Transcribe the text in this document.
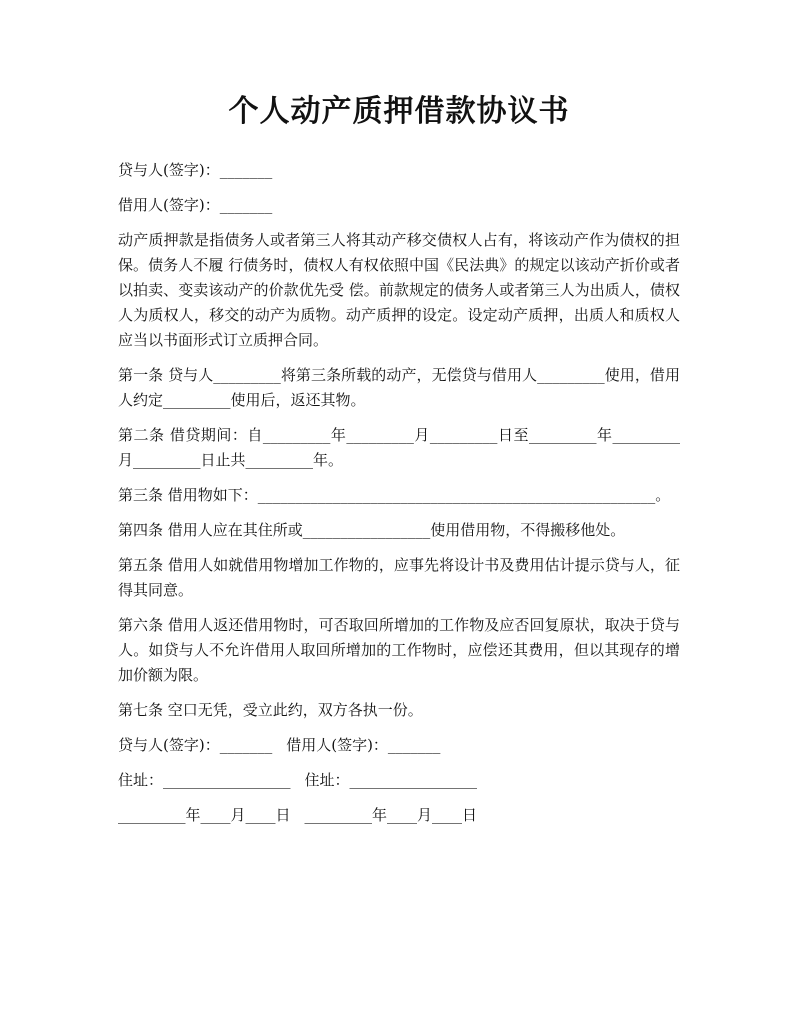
个人动产质押借款协议书
贷与人(签字)：_______
借用人(签字)：_______
动产质押款是指债务人或者第三人将其动产移交债权人占有，将该动产作为债权的担保。债务人不履 行债务时，债权人有权依照中国《民法典》的规定以该动产折价或者以拍卖、变卖该动产的价款优先受 偿。前款规定的债务人或者第三人为出质人，债权人为质权人，移交的动产为质物。动产质押的设定。设定动产质押，出质人和质权人应当以书面形式订立质押合同。
第一条 贷与人_________将第三条所载的动产，无偿贷与借用人_________使用，借用人约定_________使用后，返还其物。
第二条 借贷期间：自_________年_________月_________日至_________年_________月_________日止共_________年。
第三条 借用物如下：_____________________________________________________。
第四条 借用人应在其住所或_________________使用借用物，不得搬移他处。
第五条 借用人如就借用物增加工作物的，应事先将设计书及费用估计提示贷与人，征得其同意。
第六条 借用人返还借用物时，可否取回所增加的工作物及应否回复原状，取决于贷与人。如贷与人不允许借用人取回所增加的工作物时，应偿还其费用，但以其现存的增加价额为限。
第七条 空口无凭，受立此约，双方各执一份。
贷与人(签字)：_______ 借用人(签字)：_______
住址：_________________ 住址：_________________
_________年____月____日 _________年____月____日
